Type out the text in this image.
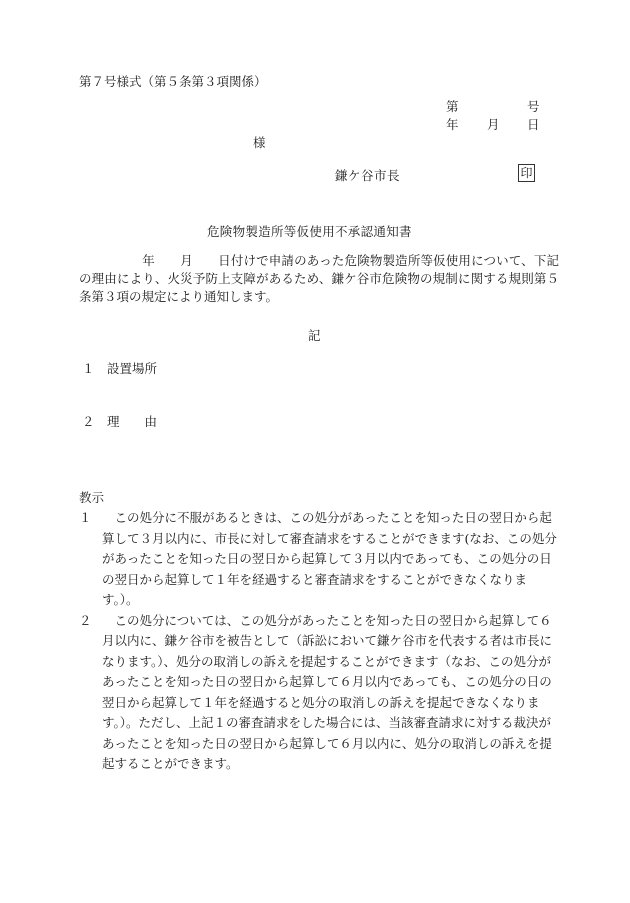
第７号様式（第５条第３項関係）
第	号
年 月 日
様
鎌ケ谷市長	印
危険物製造所等仮使用不承認通知書
　　　　　年　　月　　日付けで申請のあった危険物製造所等仮使用について、下記の理由により、火災予防上支障があるため、鎌ケ谷市危険物の規制に関する規則第５条第３項の規定により通知します。
記
１　設置場所
２　理　　由
教示
１ 　この処分に不服があるときは、この処分があったことを知った日の翌日から起算して３月以内に、市長に対して審査請求をすることができます(なお、この処分があったことを知った日の翌日から起算して３月以内であっても、この処分の日の翌日から起算して１年を経過すると審査請求をすることができなくなります。）。
２ 　この処分については、この処分があったことを知った日の翌日から起算して６月以内に、鎌ケ谷市を被告として（訴訟において鎌ケ谷市を代表する者は市長になります。）、処分の取消しの訴えを提起することができます（なお、この処分があったことを知った日の翌日から起算して６月以内であっても、この処分の日の翌日から起算して１年を経過すると処分の取消しの訴えを提起できなくなります。）。ただし、上記１の審査請求をした場合には、当該審査請求に対する裁決があったことを知った日の翌日から起算して６月以内に、処分の取消しの訴えを提起することができます。
